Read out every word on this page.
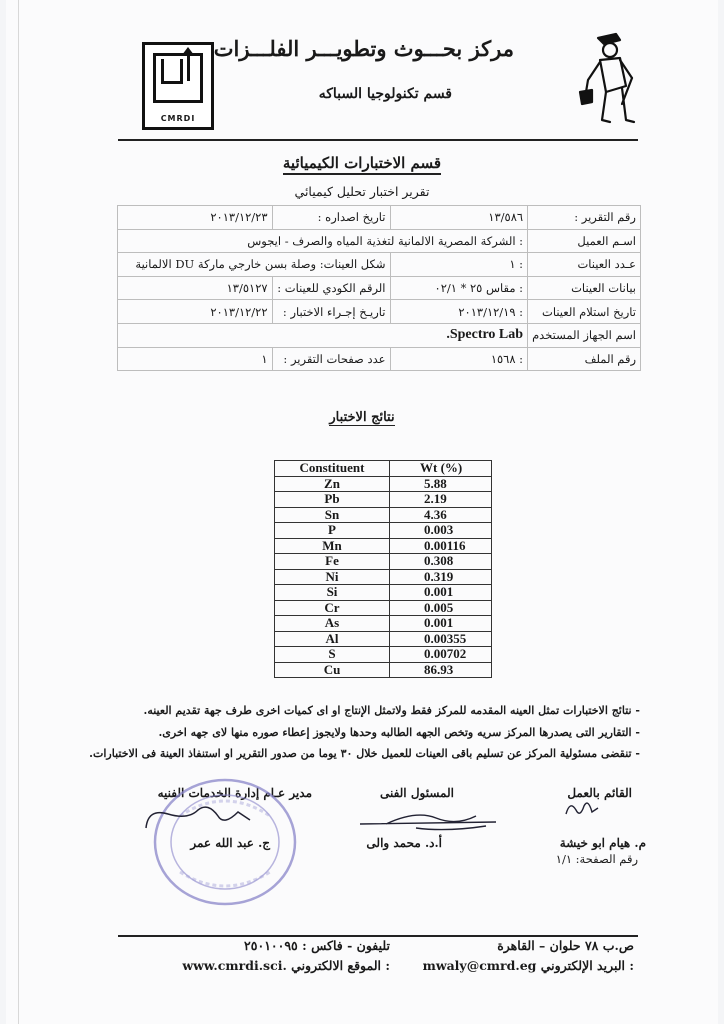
CMRDI
مركز بحـــوث وتطويـــر الفلـــزات
قسم تكنولوجيا السباكه
قسم الاختبارات الكيميائية
تقرير اختبار تحليل كيميائي
رقم التقرير :	١٣/٥٨٦	تاريخ اصداره :	٢٠١٣/١٢/٢٣
اسـم العميل	: الشركة المصرية الالمانية لتغذية المياه والصرف - ايجوس		
عـدد العينات	: ١	شكل العينات: وصلة بسن خارجي ماركة DU الالمانية	
بيانات العينات	: مقاس ٢٥ * ٠٢/١	الرقم الكودي للعينات :	١٣/٥١٢٧
تاريخ استلام العينات	: ٢٠١٣/١٢/١٩	تاريـخ إجـراء الاختبار :	٢٠١٣/١٢/٢٢
اسم الجهاز المستخدم	Spectro Lab.		
رقم الملف	: ١٥٦٨	عدد صفحات التقرير :	١
نتائج الاختبار
Constituent	Wt (%)
Zn	5.88
Pb	2.19
Sn	4.36
P	0.003
Mn	0.00116
Fe	0.308
Ni	0.319
Si	0.001
Cr	0.005
As	0.001
Al	0.00355
S	0.00702
Cu	86.93
- نتائج الاختبارات تمثل العينه المقدمه للمركز فقط ولاتمثل الإنتاج او اى كميات اخرى طرف جهة تقديم العينه.
- التقارير التى يصدرها المركز سريه وتخص الجهه الطالبه وحدها ولايجوز إعطاء صوره منها لاى جهه اخرى.
- تنقضى مسئولية المركز عن تسليم باقى العينات للعميل خلال ٣٠ يوما من صدور التقرير او استنفاذ العينة فى الاختبارات.
القائم بالعمل
المسئول الفنى
مدير عـام إدارة الخدمات الفنيه
م. هيام ابو خيشة
أ.د. محمد والى
ج. عبد الله عمر
رقم الصفحة: ١/١
ص.ب ٧٨ حلوان – القاهرة
تليفون - فاكس : ٢٥٠١٠٠٩٥
mwaly@cmrd.eg البريد الإلكتروني :
www.cmrdi.sci. الموقع الالكتروني :
